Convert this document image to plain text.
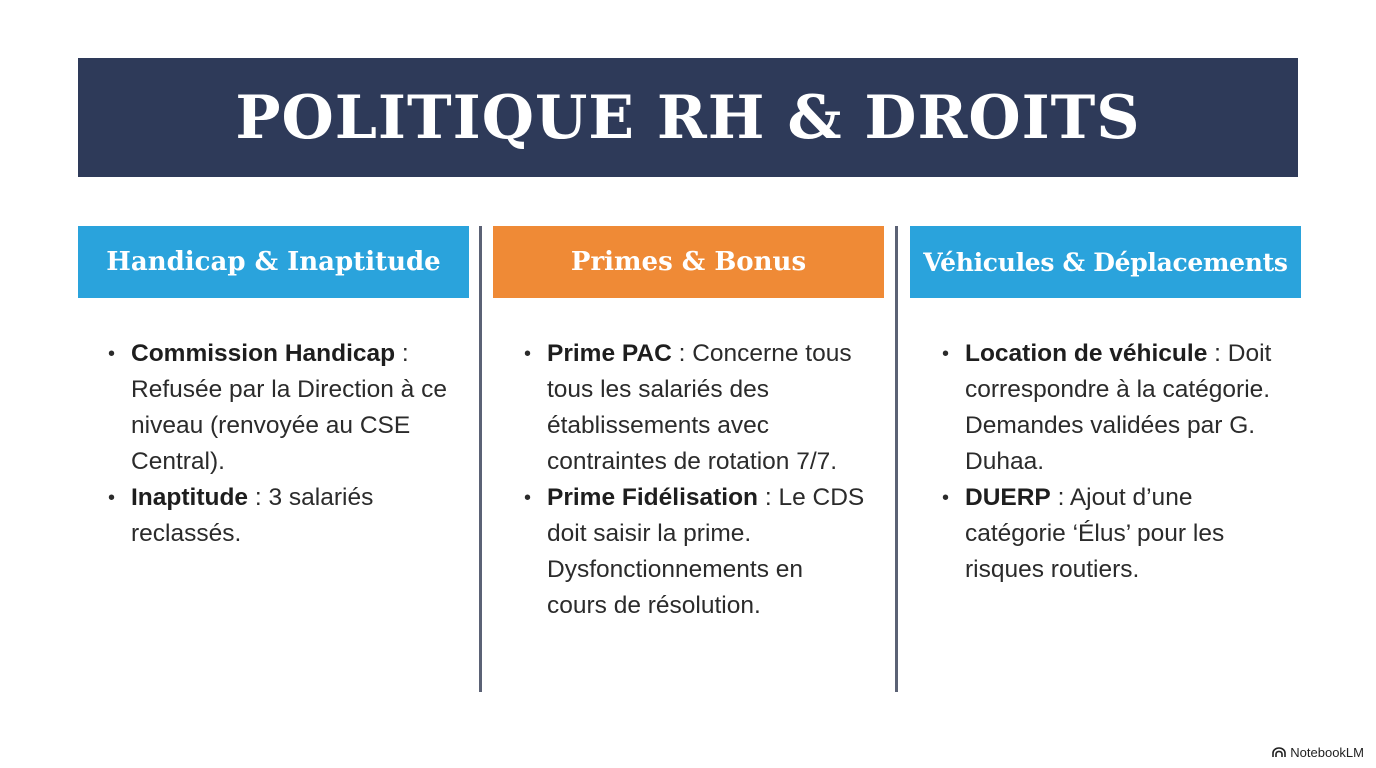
POLITIQUE RH & DROITS
Handicap & Inaptitude	Primes & Bonus	Véhicules & Déplacements
• Commission Handicap : Refusée par la Direction à ce niveau (renvoyée au CSE Central).
• Inaptitude : 3 salariés reclassés.
• Prime PAC : Concerne tous tous les salariés des établissements avec contraintes de rotation 7/7.
• Prime Fidélisation : Le CDS doit saisir la prime. Dysfonctionnements en cours de résolution.
• Location de véhicule : Doit correspondre à la catégorie. Demandes validées par G. Duhaa.
• DUERP : Ajout d’une catégorie ‘Élus’ pour les risques routiers.
NotebookLM
